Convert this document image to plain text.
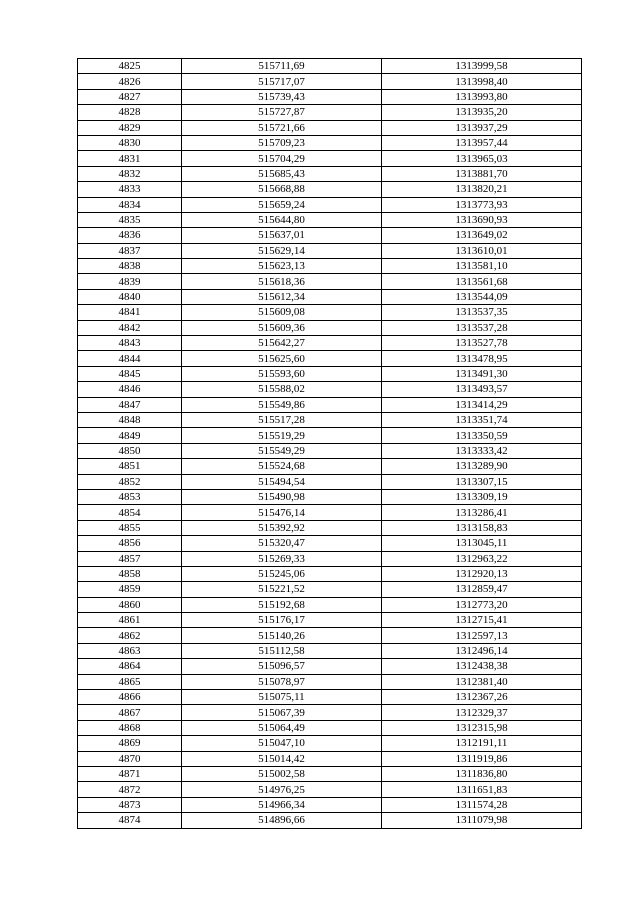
4825	515711,69	1313999,58
4826	515717,07	1313998,40
4827	515739,43	1313993,80
4828	515727,87	1313935,20
4829	515721,66	1313937,29
4830	515709,23	1313957,44
4831	515704,29	1313965,03
4832	515685,43	1313881,70
4833	515668,88	1313820,21
4834	515659,24	1313773,93
4835	515644,80	1313690,93
4836	515637,01	1313649,02
4837	515629,14	1313610,01
4838	515623,13	1313581,10
4839	515618,36	1313561,68
4840	515612,34	1313544,09
4841	515609,08	1313537,35
4842	515609,36	1313537,28
4843	515642,27	1313527,78
4844	515625,60	1313478,95
4845	515593,60	1313491,30
4846	515588,02	1313493,57
4847	515549,86	1313414,29
4848	515517,28	1313351,74
4849	515519,29	1313350,59
4850	515549,29	1313333,42
4851	515524,68	1313289,90
4852	515494,54	1313307,15
4853	515490,98	1313309,19
4854	515476,14	1313286,41
4855	515392,92	1313158,83
4856	515320,47	1313045,11
4857	515269,33	1312963,22
4858	515245,06	1312920,13
4859	515221,52	1312859,47
4860	515192,68	1312773,20
4861	515176,17	1312715,41
4862	515140,26	1312597,13
4863	515112,58	1312496,14
4864	515096,57	1312438,38
4865	515078,97	1312381,40
4866	515075,11	1312367,26
4867	515067,39	1312329,37
4868	515064,49	1312315,98
4869	515047,10	1312191,11
4870	515014,42	1311919,86
4871	515002,58	1311836,80
4872	514976,25	1311651,83
4873	514966,34	1311574,28
4874	514896,66	1311079,98
